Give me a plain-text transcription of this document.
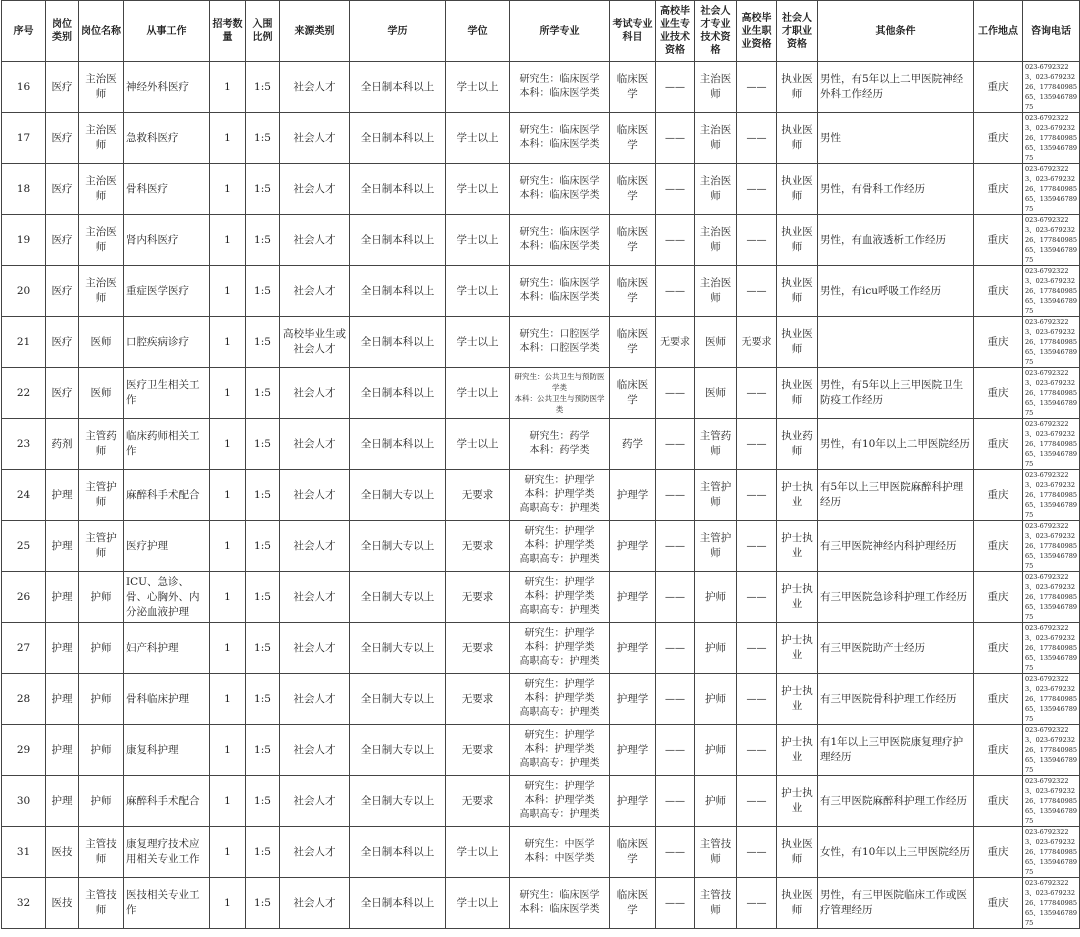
序号	岗位类别	岗位名称	从事工作	招考数量	入围比例	来源类别	学历	学位	所学专业	考试专业科目	高校毕业生专业技术资格	社会人才专业技术资格	高校毕业生职业资格	社会人才职业资格	其他条件	工作地点	咨询电话
16	医疗	主治医师	神经外科医疗	1	1:5	社会人才	全日制本科以上	学士以上	研究生：临床医学
本科：临床医学类	临床医学	——	主治医师	——	执业医师	男性，有5年以上二甲医院神经外科工作经历	重庆	023-67923223、023-67923226、17784098565、13594678975
17	医疗	主治医师	急救科医疗	1	1:5	社会人才	全日制本科以上	学士以上	研究生：临床医学
本科：临床医学类	临床医学	——	主治医师	——	执业医师	男性	重庆	023-67923223、023-67923226、17784098565、13594678975
18	医疗	主治医师	骨科医疗	1	1:5	社会人才	全日制本科以上	学士以上	研究生：临床医学
本科：临床医学类	临床医学	——	主治医师	——	执业医师	男性，有骨科工作经历	重庆	023-67923223、023-67923226、17784098565、13594678975
19	医疗	主治医师	肾内科医疗	1	1:5	社会人才	全日制本科以上	学士以上	研究生：临床医学
本科：临床医学类	临床医学	——	主治医师	——	执业医师	男性，有血液透析工作经历	重庆	023-67923223、023-67923226、17784098565、13594678975
20	医疗	主治医师	重症医学医疗	1	1:5	社会人才	全日制本科以上	学士以上	研究生：临床医学
本科：临床医学类	临床医学	——	主治医师	——	执业医师	男性，有icu呼吸工作经历	重庆	023-67923223、023-67923226、17784098565、13594678975
21	医疗	医师	口腔疾病诊疗	1	1:5	高校毕业生或社会人才	全日制本科以上	学士以上	研究生：口腔医学
本科：口腔医学类	临床医学	无要求	医师	无要求	执业医师		重庆	023-67923223、023-67923226、17784098565、13594678975
22	医疗	医师	医疗卫生相关工作	1	1:5	社会人才	全日制本科以上	学士以上	研究生：公共卫生与预防医学类
本科：公共卫生与预防医学类	临床医学	——	医师	——	执业医师	男性，有5年以上三甲医院卫生防疫工作经历	重庆	023-67923223、023-67923226、17784098565、13594678975
23	药剂	主管药师	临床药师相关工作	1	1:5	社会人才	全日制本科以上	学士以上	研究生：药学
本科：药学类	药学	——	主管药师	——	执业药师	男性，有10年以上二甲医院经历	重庆	023-67923223、023-67923226、17784098565、13594678975
24	护理	主管护师	麻醉科手术配合	1	1:5	社会人才	全日制大专以上	无要求	研究生：护理学
本科：护理学类
高职高专：护理类	护理学	——	主管护师	——	护士执业	有5年以上三甲医院麻醉科护理经历	重庆	023-67923223、023-67923226、17784098565、13594678975
25	护理	主管护师	医疗护理	1	1:5	社会人才	全日制大专以上	无要求	研究生：护理学
本科：护理学类
高职高专：护理类	护理学	——	主管护师	——	护士执业	有三甲医院神经内科护理经历	重庆	023-67923223、023-67923226、17784098565、13594678975
26	护理	护师	ICU、急诊、骨、心胸外、内分泌血液护理	1	1:5	社会人才	全日制大专以上	无要求	研究生：护理学
本科：护理学类
高职高专：护理类	护理学	——	护师	——	护士执业	有三甲医院急诊科护理工作经历	重庆	023-67923223、023-67923226、17784098565、13594678975
27	护理	护师	妇产科护理	1	1:5	社会人才	全日制大专以上	无要求	研究生：护理学
本科：护理学类
高职高专：护理类	护理学	——	护师	——	护士执业	有三甲医院助产士经历	重庆	023-67923223、023-67923226、17784098565、13594678975
28	护理	护师	骨科临床护理	1	1:5	社会人才	全日制大专以上	无要求	研究生：护理学
本科：护理学类
高职高专：护理类	护理学	——	护师	——	护士执业	有三甲医院骨科护理工作经历	重庆	023-67923223、023-67923226、17784098565、13594678975
29	护理	护师	康复科护理	1	1:5	社会人才	全日制大专以上	无要求	研究生：护理学
本科：护理学类
高职高专：护理类	护理学	——	护师	——	护士执业	有1年以上三甲医院康复理疗护理经历	重庆	023-67923223、023-67923226、17784098565、13594678975
30	护理	护师	麻醉科手术配合	1	1:5	社会人才	全日制大专以上	无要求	研究生：护理学
本科：护理学类
高职高专：护理类	护理学	——	护师	——	护士执业	有三甲医院麻醉科护理工作经历	重庆	023-67923223、023-67923226、17784098565、13594678975
31	医技	主管技师	康复理疗技术应用相关专业工作	1	1:5	社会人才	全日制本科以上	学士以上	研究生：中医学
本科：中医学类	临床医学	——	主管技师	——	执业医师	女性，有10年以上三甲医院经历	重庆	023-67923223、023-67923226、17784098565、13594678975
32	医技	主管技师	医技相关专业工作	1	1:5	社会人才	全日制本科以上	学士以上	研究生：临床医学
本科：临床医学类	临床医学	——	主管技师	——	执业医师	男性，有三甲医院临床工作或医疗管理经历	重庆	023-67923223、023-67923226、17784098565、13594678975
